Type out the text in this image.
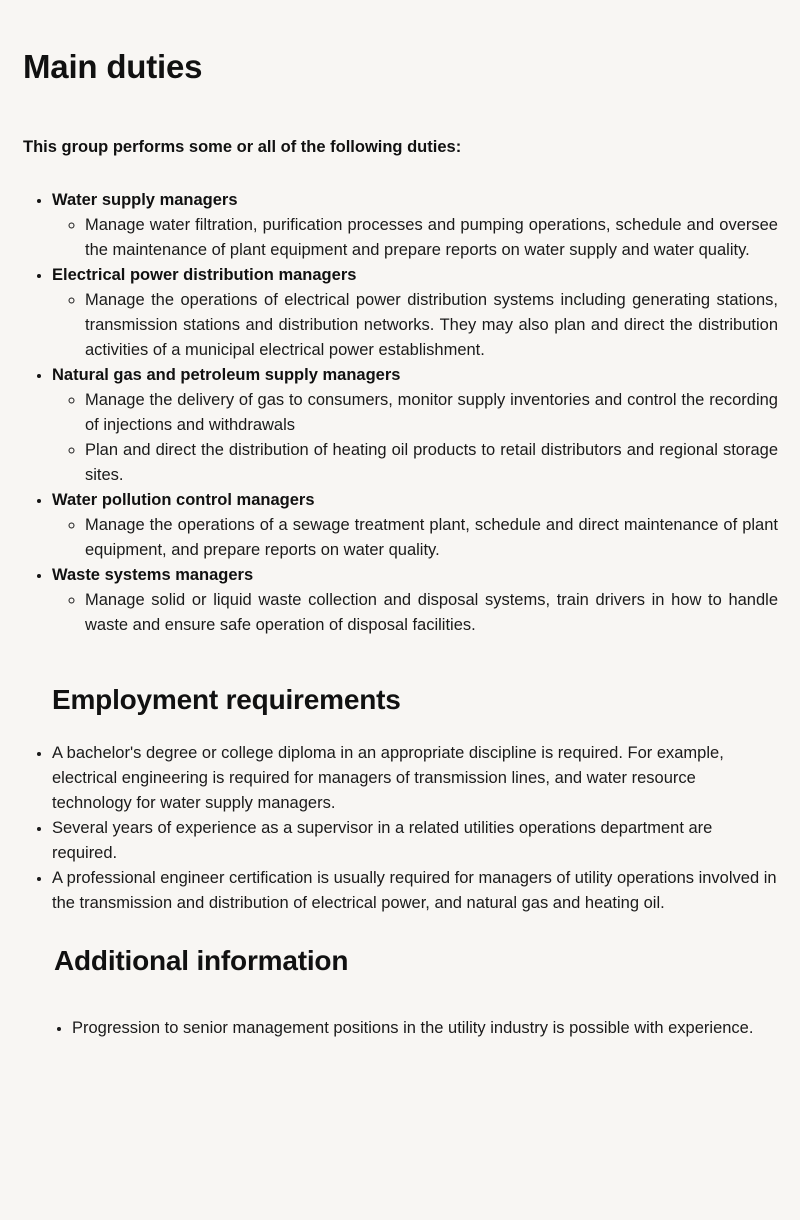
Main duties

This group performs some or all of the following duties:

• Water supply managers
◦ Manage water filtration, purification processes and pumping operations, schedule and oversee the maintenance of plant equipment and prepare reports on water supply and water quality.
• Electrical power distribution managers
◦ Manage the operations of electrical power distribution systems including generating stations, transmission stations and distribution networks. They may also plan and direct the distribution activities of a municipal electrical power establishment.
• Natural gas and petroleum supply managers
◦ Manage the delivery of gas to consumers, monitor supply inventories and control the recording of injections and withdrawals
◦ Plan and direct the distribution of heating oil products to retail distributors and regional storage sites.
• Water pollution control managers
◦ Manage the operations of a sewage treatment plant, schedule and direct maintenance of plant equipment, and prepare reports on water quality.
• Waste systems managers
◦ Manage solid or liquid waste collection and disposal systems, train drivers in how to handle waste and ensure safe operation of disposal facilities.
Employment requirements
• A bachelor's degree or college diploma in an appropriate discipline is required. For example, electrical engineering is required for managers of transmission lines, and water resource technology for water supply managers.
• Several years of experience as a supervisor in a related utilities operations department are required.
• A professional engineer certification is usually required for managers of utility operations involved in the transmission and distribution of electrical power, and natural gas and heating oil.
Additional information
• Progression to senior management positions in the utility industry is possible with experience.
